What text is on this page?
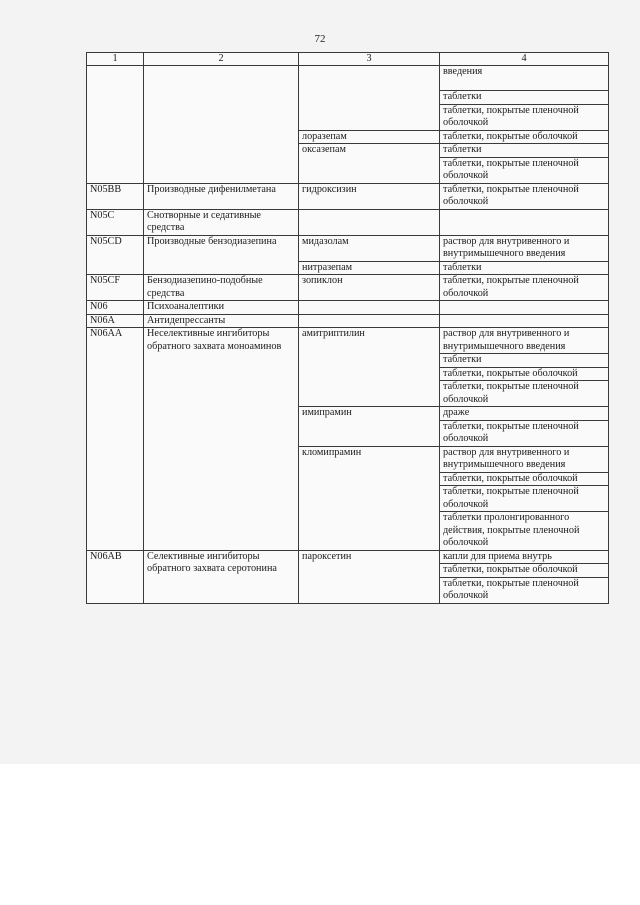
72
1	2	3	4
			введения
			таблетки
			таблетки, покрытые пленочной оболочкой
		лоразепам	таблетки, покрытые оболочкой
		оксазепам	таблетки
			таблетки, покрытые пленочной оболочкой
N05BB	Производные дифенилметана	гидроксизин	таблетки, покрытые пленочной оболочкой
N05C	Снотворные и седативные средства		
N05CD	Производные бензодиазепина	мидазолам	раствор для внутривенного и внутримышечного введения
		нитразепам	таблетки
N05CF	Бензодиазепино-подобные средства	зопиклон	таблетки, покрытые пленочной оболочкой
N06	Психоаналептики		
N06A	Антидепрессанты		
N06AA	Неселективные ингибиторы обратного захвата моноаминов	амитриптилин	раствор для внутривенного и внутримышечного введения
			таблетки
			таблетки, покрытые оболочкой
			таблетки, покрытые пленочной оболочкой
		имипрамин	драже
			таблетки, покрытые пленочной оболочкой
		кломипрамин	раствор для внутривенного и внутримышечного введения
			таблетки, покрытые оболочкой
			таблетки, покрытые пленочной оболочкой
			таблетки пролонгированного действия, покрытые пленочной оболочкой
N06AB	Селективные ингибиторы обратного захвата серотонина	пароксетин	капли для приема внутрь
			таблетки, покрытые оболочкой
			таблетки, покрытые пленочной оболочкой
